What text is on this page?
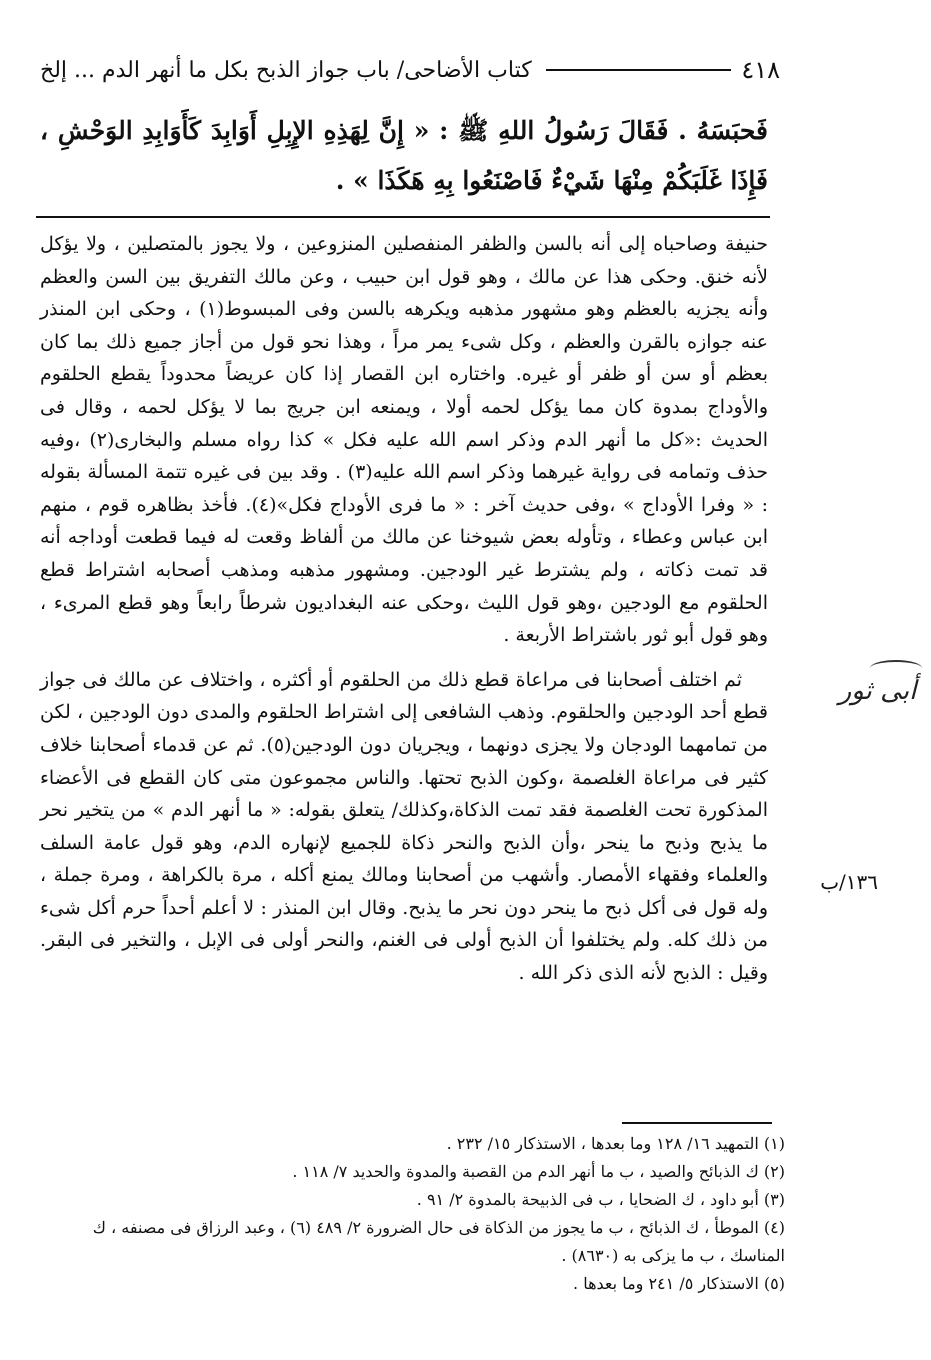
٤١٨
كتاب الأضاحى/ باب جواز الذبح بكل ما أنهر الدم ... إلخ

فَحبَسَهُ . فَقَالَ رَسُولُ اللهِ ﷺ : « إِنَّ لِهَذِهِ الإِبِلِ أَوَابِدَ كَأَوَابِدِ الوَحْشِ ، فَإِذَا غَلَبَكُمْ مِنْهَا شَيْءٌ فَاصْنَعُوا بِهِ هَكَذَا » .

حنيفة وصاحباه إلى أنه بالسن والظفر المنفصلين المنزوعين ، ولا يجوز بالمتصلين ، ولا يؤكل لأنه خنق. وحكى هذا عن مالك ، وهو قول ابن حبيب ، وعن مالك التفريق بين السن والعظم وأنه يجزيه بالعظم وهو مشهور مذهبه ويكرهه بالسن وفى المبسوط(١) ، وحكى ابن المنذر عنه جوازه بالقرن والعظم ، وكل شىء يمر مراً ، وهذا نحو قول من أجاز جميع ذلك بما كان بعظم أو سن أو ظفر أو غيره. واختاره ابن القصار إذا كان عريضاً محدوداً يقطع الحلقوم والأوداج بمدوة كان مما يؤكل لحمه أولا ، ويمنعه ابن جريج بما لا يؤكل لحمه ، وقال فى الحديث :«كل ما أنهر الدم وذكر اسم الله عليه فكل » كذا رواه مسلم والبخارى(٢) ،وفيه حذف وتمامه فى رواية غيرهما وذكر اسم الله عليه(٣) . وقد بين فى غيره تتمة المسألة بقوله : « وفرا الأوداج » ،وفى حديث آخر : « ما فرى الأوداج فكل»(٤). فأخذ بظاهره قوم ، منهم ابن عباس وعطاء ، وتأوله بعض شيوخنا عن مالك من ألفاظ وقعت له فيما قطعت أوداجه أنه قد تمت ذكاته ، ولم يشترط غير الودجين. ومشهور مذهبه ومذهب أصحابه اشتراط قطع الحلقوم مع الودجين ،وهو قول الليث ،وحكى عنه البغداديون شرطاً رابعاً وهو قطع المرىء ، وهو قول أبو ثور باشتراط الأربعة .

ثم اختلف أصحابنا فى مراعاة قطع ذلك من الحلقوم أو أكثره ، واختلاف عن مالك فى جواز قطع أحد الودجين والحلقوم. وذهب الشافعى إلى اشتراط الحلقوم والمدى دون الودجين ، لكن من تمامهما الودجان ولا يجزى دونهما ، ويجريان دون الودجين(٥). ثم عن قدماء أصحابنا خلاف كثير فى مراعاة الغلصمة ،وكون الذبح تحتها. والناس مجموعون متى كان القطع فى الأعضاء المذكورة تحت الغلصمة فقد تمت الذكاة،وكذلك/ يتعلق بقوله: « ما أنهر الدم » من يتخير نحر ما يذبح وذبح ما ينحر ،وأن الذبح والنحر ذكاة للجميع لإنهاره الدم، وهو قول عامة السلف والعلماء وفقهاء الأمصار. وأشهب من أصحابنا ومالك يمنع أكله ، مرة بالكراهة ، ومرة جملة ، وله قول فى أكل ذبح ما ينحر دون نحر ما يذبح. وقال ابن المنذر : لا أعلم أحداً حرم أكل شىء من ذلك كله. ولم يختلفوا أن الذبح أولى فى الغنم، والنحر أولى فى الإبل ، والتخير فى البقر. وقيل : الذبح لأنه الذى ذكر الله .

أبى ثور
١٣٦/ب

(١) التمهيد ١٦/ ١٢٨ وما بعدها ، الاستذكار ١٥/ ٢٣٢ .

(٢) ك الذبائح والصيد ، ب ما أنهر الدم من القصبة والمدوة والحديد ٧/ ١١٨ .

(٣) أبو داود ، ك الضحايا ، ب فى الذبيحة بالمدوة ٢/ ٩١ .

(٤) الموطأ ، ك الذبائح ، ب ما يجوز من الذكاة فى حال الضرورة ٢/ ٤٨٩ (٦) ، وعبد الرزاق فى مصنفه ، ك المناسك ، ب ما يزكى به (٨٦٣٠) .

(٥) الاستذكار ٥/ ٢٤١ وما بعدها .
